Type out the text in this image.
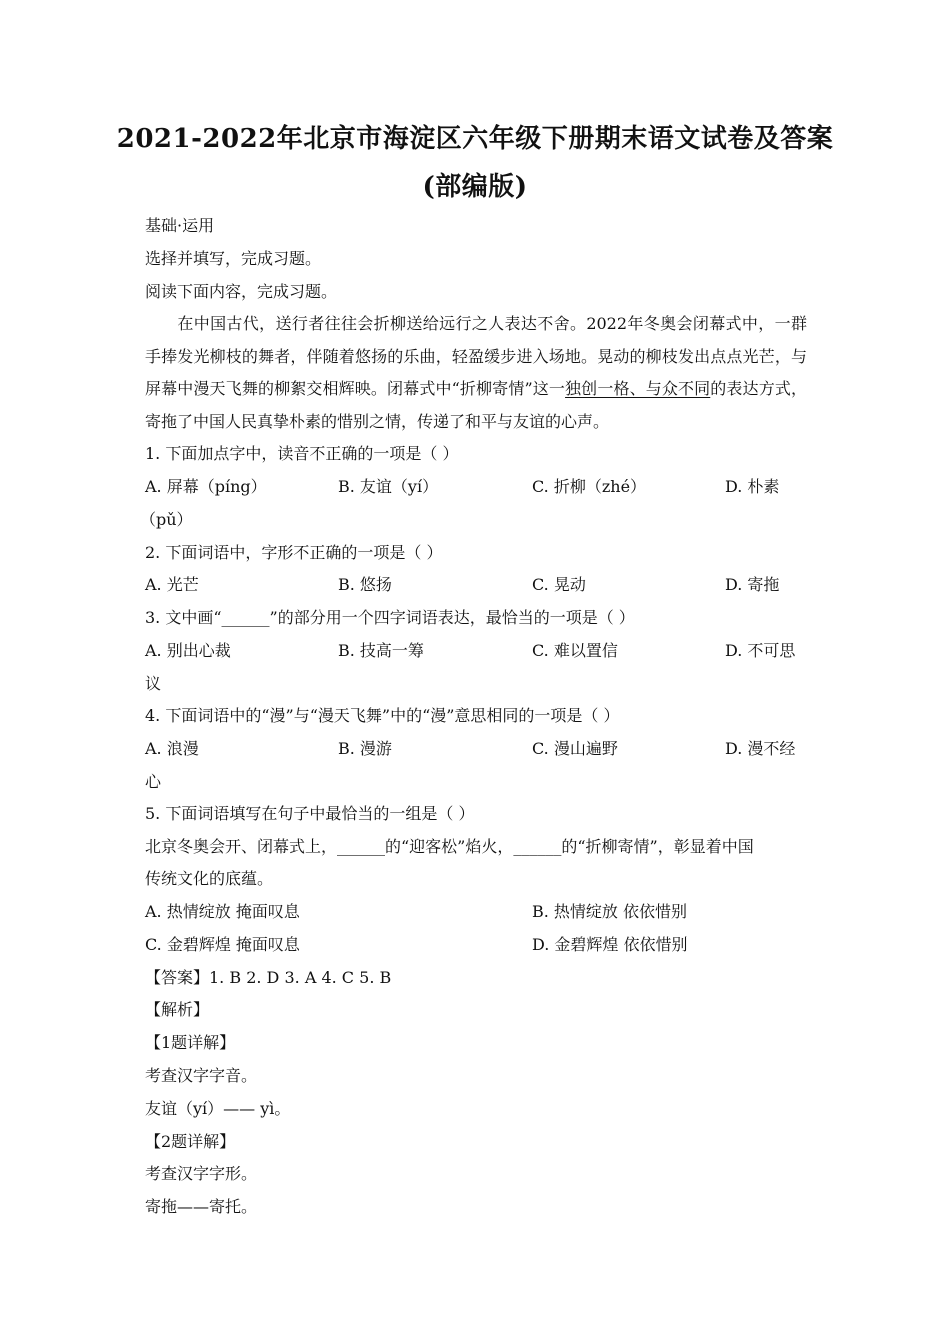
2021-2022年北京市海淀区六年级下册期末语文试卷及答案
(部编版)
基础·运用
选择并填写，完成习题。
阅读下面内容，完成习题。
在中国古代，送行者往往会折柳送给远行之人表达不舍。2022年冬奥会闭幕式中，一群手捧发光柳枝的舞者，伴随着悠扬的乐曲，轻盈缓步进入场地。晃动的柳枝发出点点光芒，与屏幕中漫天飞舞的柳絮交相辉映。闭幕式中“折柳寄情”这一独创一格、与众不同的表达方式，寄拖了中国人民真挚朴素的惜别之情，传递了和平与友谊的心声。
1. 下面加点字中，读音不正确的一项是（ ）
A. 屏幕（píng）	B. 友谊（yí）	C. 折柳（zhé）	D. 朴素
（pǔ）
2. 下面词语中，字形不正确的一项是（ ）
A. 光芒	B. 悠扬	C. 晃动	D. 寄拖
3. 文中画“______”的部分用一个四字词语表达，最恰当的一项是（ ）
A. 别出心裁	B. 技高一筹	C. 难以置信	D. 不可思
议
4. 下面词语中的“漫”与“漫天飞舞”中的“漫”意思相同的一项是（ ）
A. 浪漫	B. 漫游	C. 漫山遍野	D. 漫不经
心
5. 下面词语填写在句子中最恰当的一组是（ ）
北京冬奥会开、闭幕式上，______的“迎客松”焰火，______的“折柳寄情”，彰显着中国
传统文化的底蕴。
A. 热情绽放 掩面叹息	B. 热情绽放 依依惜别
C. 金碧辉煌 掩面叹息	D. 金碧辉煌 依依惜别
【答案】1. B 2. D 3. A 4. C 5. B
【解析】
【1题详解】
考查汉字字音。
友谊（yí）—— yì。
【2题详解】
考查汉字字形。
寄拖——寄托。
